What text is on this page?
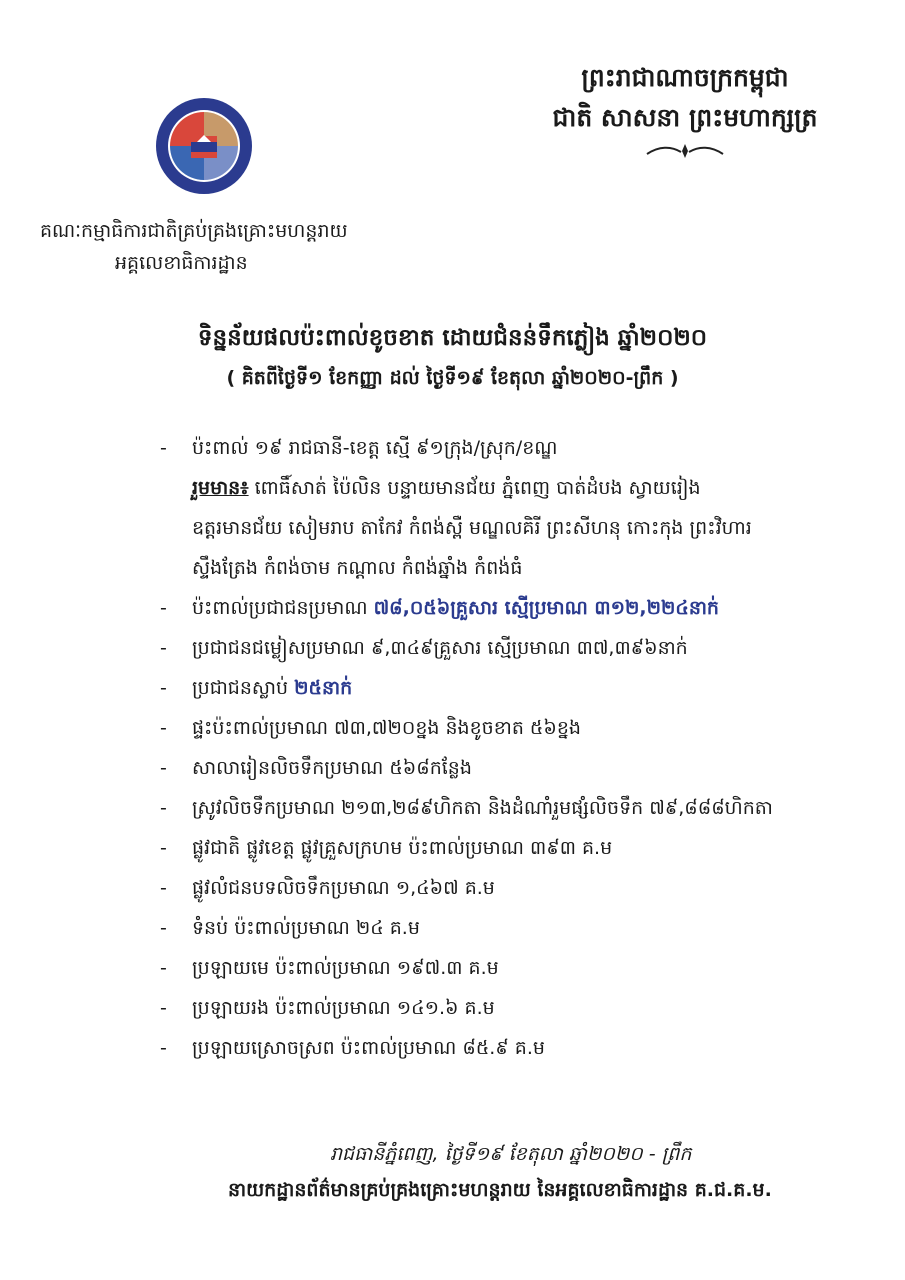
ព្រះរាជាណាចក្រកម្ពុជា
ជាតិ សាសនា ព្រះមហាក្សត្រ
គណៈកម្មាធិការជាតិគ្រប់គ្រងគ្រោះមហន្តរាយ
អគ្គលេខាធិការដ្ឋាន
ទិន្នន័យផលប៉ះពាល់ខូចខាត ដោយជំនន់ទឹកភ្លៀង ឆ្នាំ២០២០
( គិតពីថ្ងៃទី១ ខែកញ្ញា ដល់ ថ្ងៃទី១៩ ខែតុលា ឆ្នាំ២០២០-ព្រឹក )
- ប៉ះពាល់ ១៩ រាជធានី-ខេត្ត ស្មើ ៩១ក្រុង/ស្រុក/ខណ្ឌ
រួមមាន៖ ពោធិ៍សាត់ ប៉ៃលិន បន្ទាយមានជ័យ ភ្នំពេញ បាត់ដំបង ស្វាយរៀង
ឧត្តរមានជ័យ សៀមរាប តាកែវ កំពង់ស្ពឺ មណ្ឌលគិរី ព្រះសីហនុ កោះកុង ព្រះវិហារ
ស្ទឹងត្រែង កំពង់ចាម កណ្ដាល កំពង់ឆ្នាំង កំពង់ធំ
- ប៉ះពាល់ប្រជាជនប្រមាណ ៧៨,០៥៦គ្រួសារ ស្មើប្រមាណ ៣១២,២២៤នាក់
- ប្រជាជនជម្លៀសប្រមាណ ៩,៣៤៩គ្រួសារ ស្មើប្រមាណ ៣៧,៣៩៦នាក់
- ប្រជាជនស្លាប់ ២៥នាក់
- ផ្ទះប៉ះពាល់ប្រមាណ ៧៣,៧២០ខ្នង និងខូចខាត ៥៦ខ្នង
- សាលារៀនលិចទឹកប្រមាណ ៥៦៨កន្លែង
- ស្រូវលិចទឹកប្រមាណ ២១៣,២៨៩ហិកតា និងដំណាំរួមផ្សំលិចទឹក ៧៩,៨៨៨ហិកតា
- ផ្លូវជាតិ ផ្លូវខេត្ត ផ្លូវគ្រួសក្រហម ប៉ះពាល់ប្រមាណ ៣៩៣ គ.ម
- ផ្លូវលំជនបទលិចទឹកប្រមាណ ១,៤៦៧ គ.ម
- ទំនប់ ប៉ះពាល់ប្រមាណ ២៤ គ.ម
- ប្រឡាយមេ ប៉ះពាល់ប្រមាណ ១៩៧.៣ គ.ម
- ប្រឡាយរង ប៉ះពាល់ប្រមាណ ១៤១.៦ គ.ម
- ប្រឡាយស្រោចស្រព ប៉ះពាល់ប្រមាណ ៨៥.៩ គ.ម
រាជធានីភ្នំពេញ, ថ្ងៃទី១៩ ខែតុលា ឆ្នាំ២០២០ - ព្រឹក
នាយកដ្ឋានព័ត៌មានគ្រប់គ្រងគ្រោះមហន្តរាយ នៃអគ្គលេខាធិការដ្ឋាន គ.ជ.គ.ម.
